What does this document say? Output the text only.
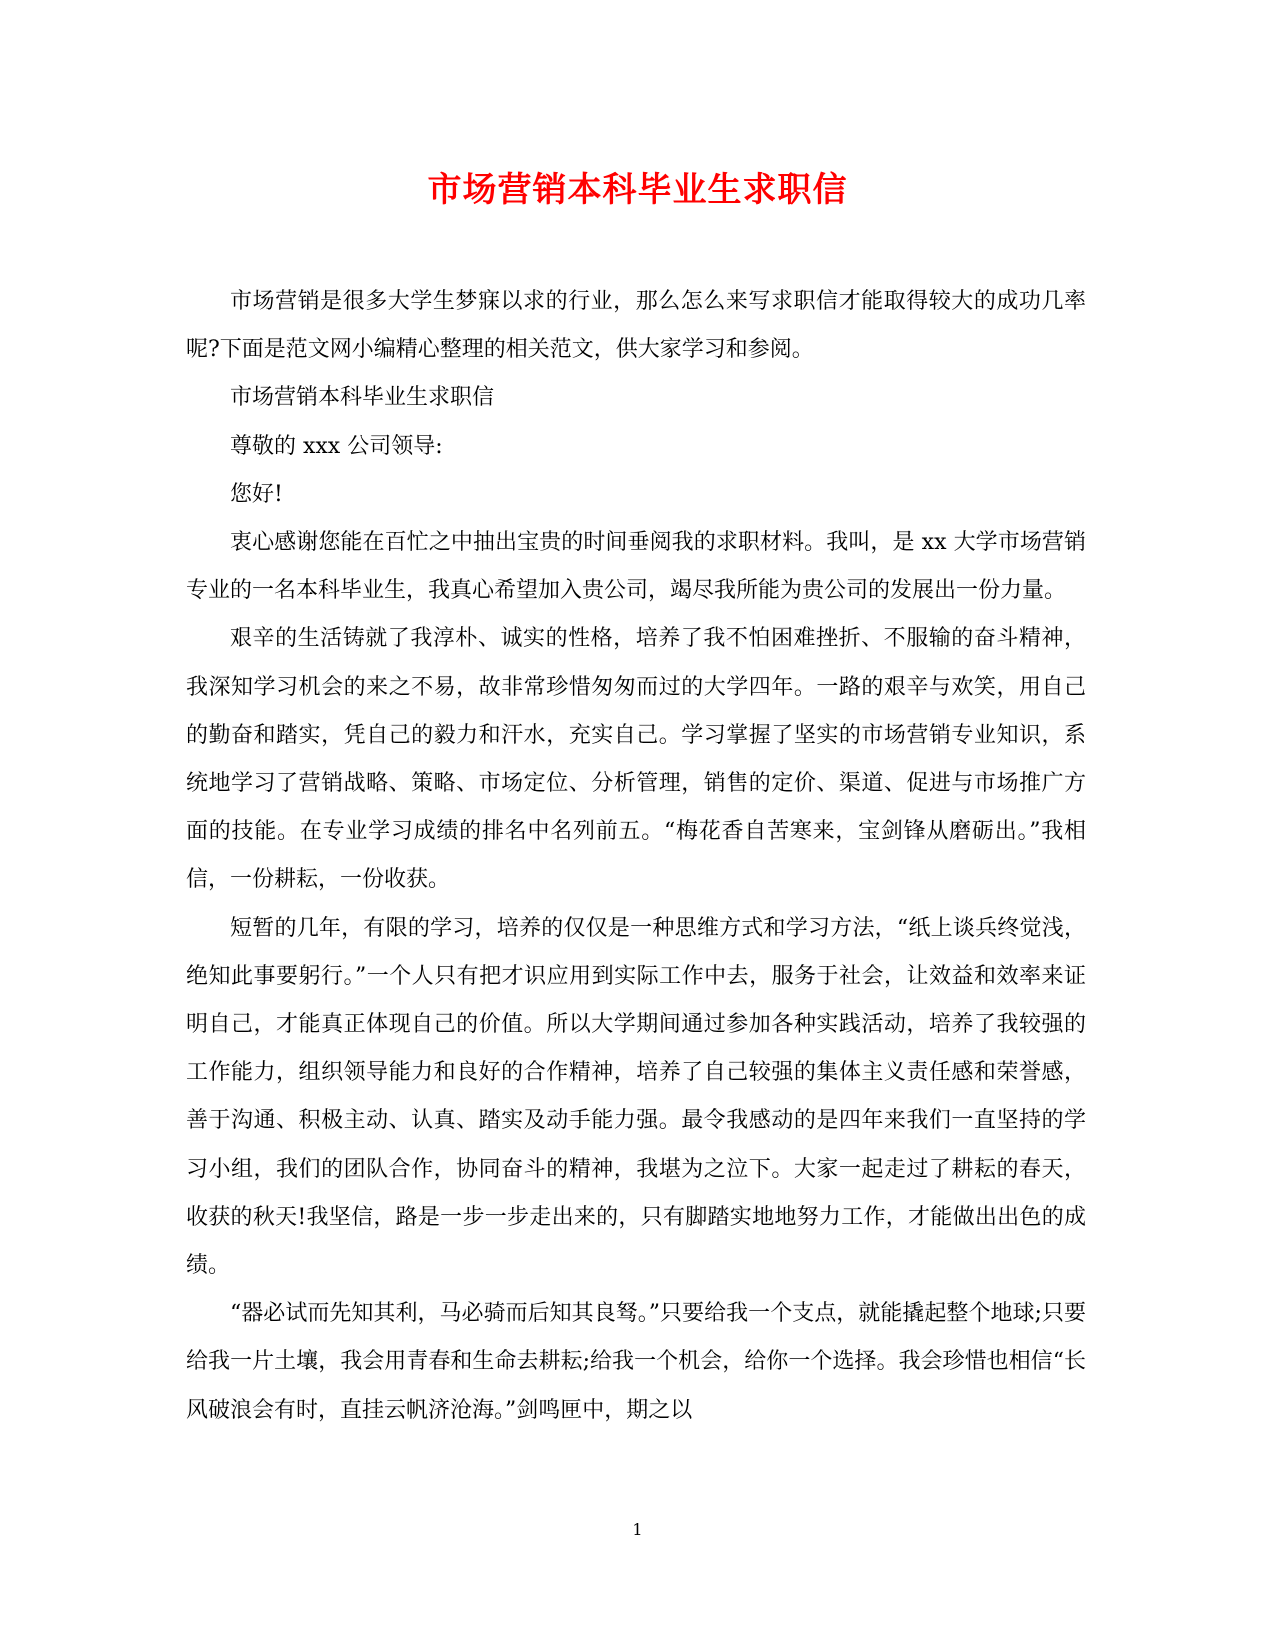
市场营销本科毕业生求职信

市场营销是很多大学生梦寐以求的行业，那么怎么来写求职信才能取得较大的成功几率呢?下面是范文网小编精心整理的相关范文，供大家学习和参阅。

市场营销本科毕业生求职信

尊敬的 xxx 公司领导:

您好!

衷心感谢您能在百忙之中抽出宝贵的时间垂阅我的求职材料。我叫，是 xx 大学市场营销专业的一名本科毕业生，我真心希望加入贵公司，竭尽我所能为贵公司的发展出一份力量。

艰辛的生活铸就了我淳朴、诚实的性格，培养了我不怕困难挫折、不服输的奋斗精神，我深知学习机会的来之不易，故非常珍惜匆匆而过的大学四年。一路的艰辛与欢笑，用自己的勤奋和踏实，凭自己的毅力和汗水，充实自己。学习掌握了坚实的市场营销专业知识，系统地学习了营销战略、策略、市场定位、分析管理，销售的定价、渠道、促进与市场推广方面的技能。在专业学习成绩的排名中名列前五。“梅花香自苦寒来，宝剑锋从磨砺出。”我相信，一份耕耘，一份收获。

短暂的几年，有限的学习，培养的仅仅是一种思维方式和学习方法，“纸上谈兵终觉浅，绝知此事要躬行。”一个人只有把才识应用到实际工作中去，服务于社会，让效益和效率来证明自己，才能真正体现自己的价值。所以大学期间通过参加各种实践活动，培养了我较强的工作能力，组织领导能力和良好的合作精神，培养了自己较强的集体主义责任感和荣誉感，善于沟通、积极主动、认真、踏实及动手能力强。最令我感动的是四年来我们一直坚持的学习小组，我们的团队合作，协同奋斗的精神，我堪为之泣下。大家一起走过了耕耘的春天，收获的秋天!我坚信，路是一步一步走出来的，只有脚踏实地地努力工作，才能做出出色的成绩。

“器必试而先知其利，马必骑而后知其良驽。”只要给我一个支点，就能撬起整个地球;只要给我一片土壤，我会用青春和生命去耕耘;给我一个机会，给你一个选择。我会珍惜也相信“长风破浪会有时，直挂云帆济沧海。”剑鸣匣中，期之以

1
